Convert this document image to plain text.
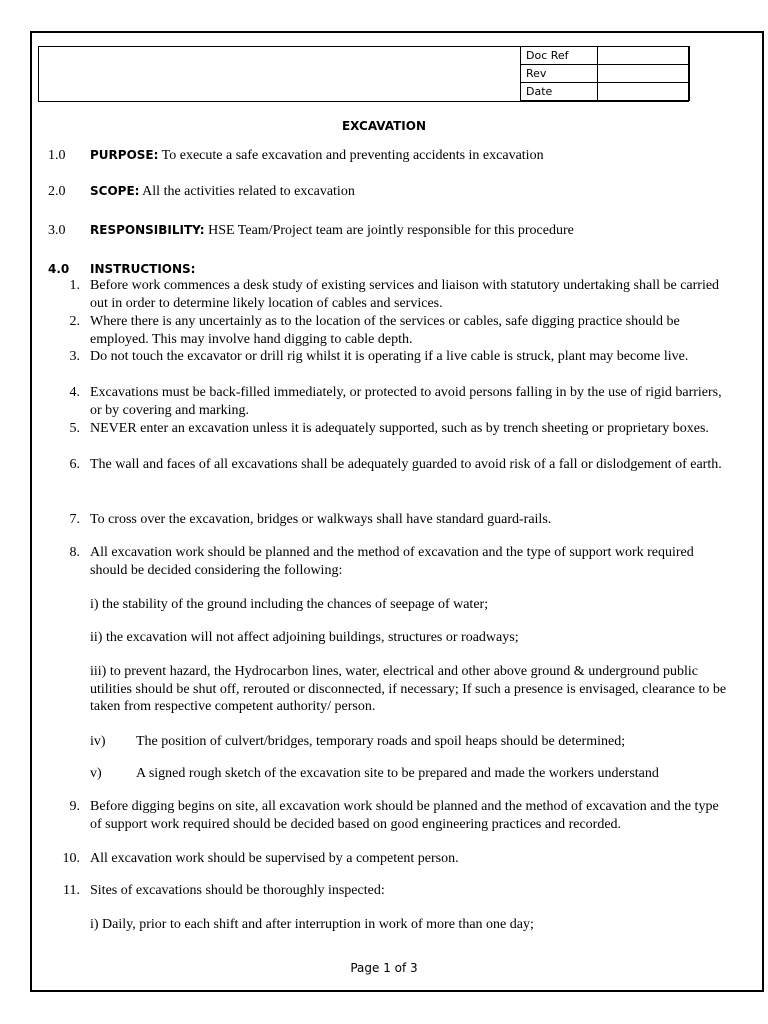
Doc Ref	
Rev	
Date	
EXCAVATION
1.0 PURPOSE: To execute a safe excavation and preventing accidents in excavation
2.0 SCOPE: All the activities related to excavation
3.0 RESPONSIBILITY: HSE Team/Project team are jointly responsible for this procedure
4.0 INSTRUCTIONS:
1. Before work commences a desk study of existing services and liaison with statutory undertaking shall be carried out in order to determine likely location of cables and services.
2. Where there is any uncertainly as to the location of the services or cables, safe digging practice should be employed. This may involve hand digging to cable depth.
3. Do not touch the excavator or drill rig whilst it is operating if a live cable is struck, plant may become live.
4. Excavations must be back-filled immediately, or protected to avoid persons falling in by the use of rigid barriers, or by covering and marking.
5. NEVER enter an excavation unless it is adequately supported, such as by trench sheeting or proprietary boxes.
6. The wall and faces of all excavations shall be adequately guarded to avoid risk of a fall or dislodgement of earth.
7. To cross over the excavation, bridges or walkways shall have standard guard-rails.
8. All excavation work should be planned and the method of excavation and the type of support work required should be decided considering the following:
i) the stability of the ground including the chances of seepage of water;
ii) the excavation will not affect adjoining buildings, structures or roadways;
iii) to prevent hazard, the Hydrocarbon lines, water, electrical and other above ground & underground public utilities should be shut off, rerouted or disconnected, if necessary; If such a presence is envisaged, clearance to be taken from respective competent authority/ person.
iv) The position of culvert/bridges, temporary roads and spoil heaps should be determined;
v) A signed rough sketch of the excavation site to be prepared and made the workers understand
9. Before digging begins on site, all excavation work should be planned and the method of excavation and the type of support work required should be decided based on good engineering practices and recorded.
10. All excavation work should be supervised by a competent person.
11. Sites of excavations should be thoroughly inspected:
i) Daily, prior to each shift and after interruption in work of more than one day;
Page 1 of 3
